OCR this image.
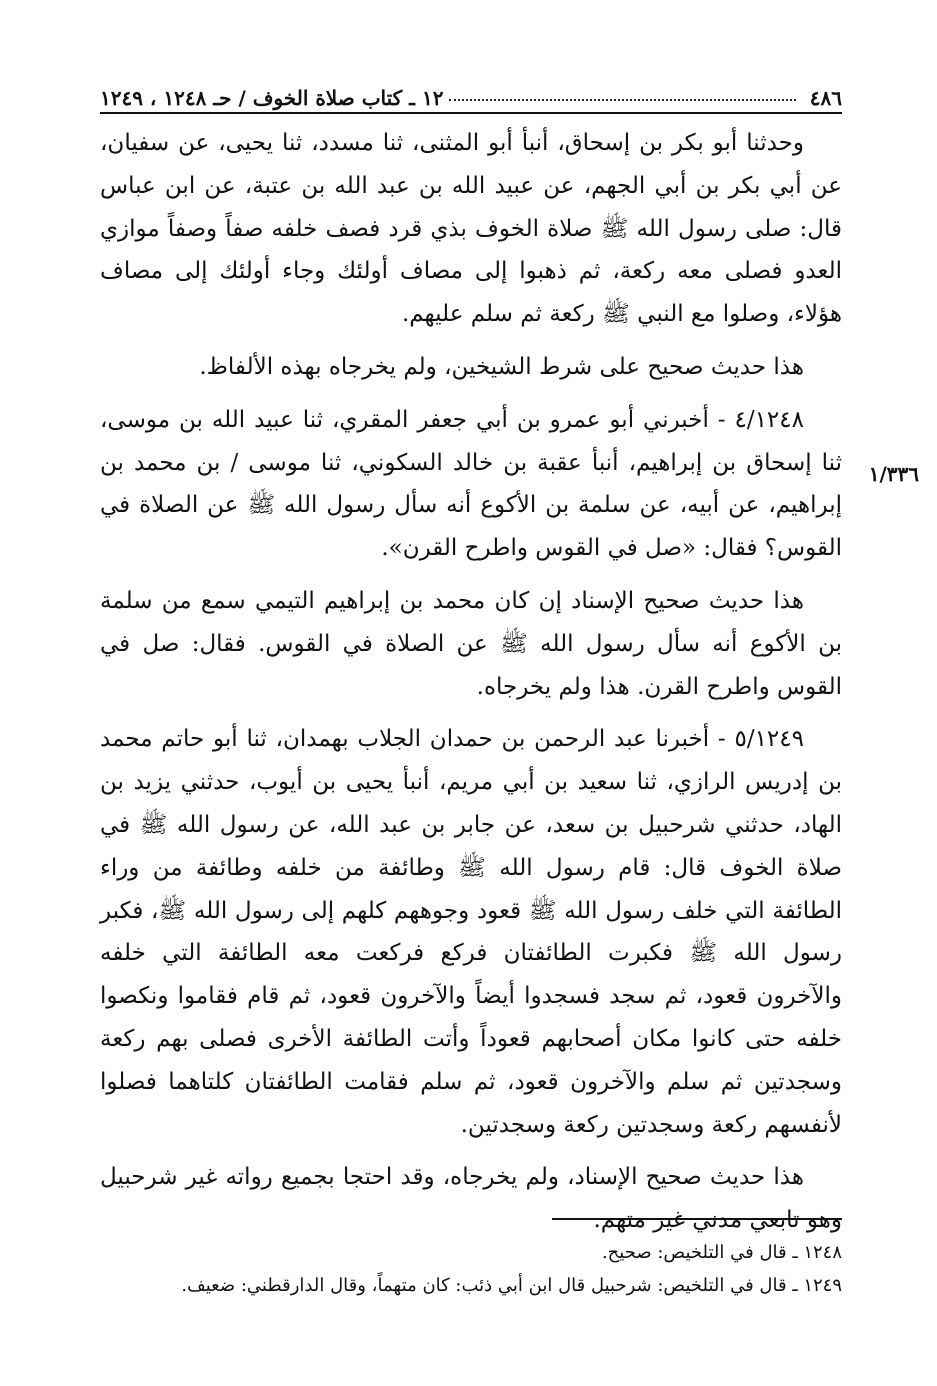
٤٨٦
١٢ ـ كتاب صلاة الخوف / حـ ١٢٤٨ ، ١٢٤٩
١/٣٣٦

وحدثنا أبو بكر بن إسحاق، أنبأ أبو المثنى، ثنا مسدد، ثنا يحيى، عن سفيان، عن أبي بكر بن أبي الجهم، عن عبيد الله بن عبد الله بن عتبة، عن ابن عباس قال: صلى رسول الله ﷺ صلاة الخوف بذي قرد فصف خلفه صفاً وصفاً موازي العدو فصلى معه ركعة، ثم ذهبوا إلى مصاف أولئك وجاء أولئك إلى مصاف هؤلاء، وصلوا مع النبي ﷺ ركعة ثم سلم عليهم.

هذا حديث صحيح على شرط الشيخين، ولم يخرجاه بهذه الألفاظ.

٤/١٢٤٨ - أخبرني أبو عمرو بن أبي جعفر المقري، ثنا عبيد الله بن موسى، ثنا إسحاق بن إبراهيم، أنبأ عقبة بن خالد السكوني، ثنا موسى / بن محمد بن إبراهيم، عن أبيه، عن سلمة بن الأكوع أنه سأل رسول الله ﷺ عن الصلاة في القوس؟ فقال: «صل في القوس واطرح القرن».

هذا حديث صحيح الإسناد إن كان محمد بن إبراهيم التيمي سمع من سلمة بن الأكوع أنه سأل رسول الله ﷺ عن الصلاة في القوس. فقال: صل في القوس واطرح القرن. هذا ولم يخرجاه.

٥/١٢٤٩ - أخبرنا عبد الرحمن بن حمدان الجلاب بهمدان، ثنا أبو حاتم محمد بن إدريس الرازي، ثنا سعيد بن أبي مريم، أنبأ يحيى بن أيوب، حدثني يزيد بن الهاد، حدثني شرحبيل بن سعد، عن جابر بن عبد الله، عن رسول الله ﷺ في صلاة الخوف قال: قام رسول الله ﷺ وطائفة من خلفه وطائفة من وراء الطائفة التي خلف رسول الله ﷺ قعود وجوههم كلهم إلى رسول الله ﷺ، فكبر رسول الله ﷺ فكبرت الطائفتان فركع فركعت معه الطائفة التي خلفه والآخرون قعود، ثم سجد فسجدوا أيضاً والآخرون قعود، ثم قام فقاموا ونكصوا خلفه حتى كانوا مكان أصحابهم قعوداً وأتت الطائفة الأخرى فصلى بهم ركعة وسجدتين ثم سلم والآخرون قعود، ثم سلم فقامت الطائفتان كلتاهما فصلوا لأنفسهم ركعة وسجدتين ركعة وسجدتين.

هذا حديث صحيح الإسناد، ولم يخرجاه، وقد احتجا بجميع رواته غير شرحبيل وهو تابعي مدني غير متهم.

١٢٤٨ ـ قال في التلخيص: صحيح.
١٢٤٩ ـ قال في التلخيص: شرحبيل قال ابن أبي ذئب: كان متهماً، وقال الدارقطني: ضعيف.
